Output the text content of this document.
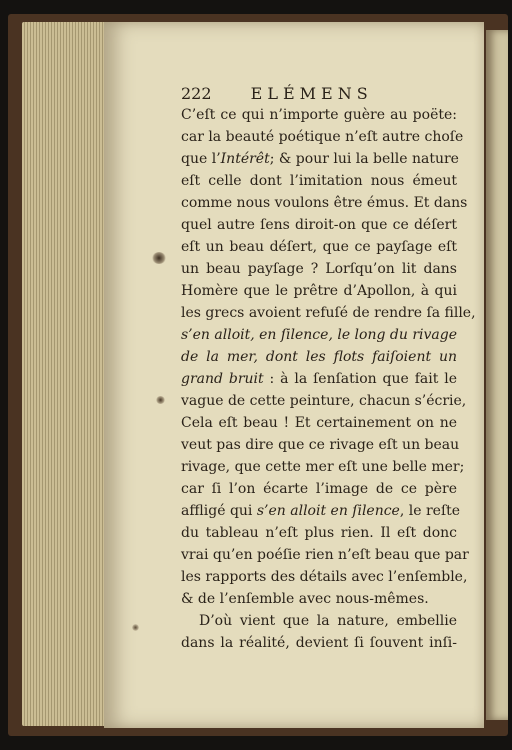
222 ELÉMENS
C’eſt ce qui n’importe guère au poëte:
car la beauté poétique n’eſt autre choſe
que l’Intérêt; & pour lui la belle nature
eſt celle dont l’imitation nous émeut
comme nous voulons être émus. Et dans
quel autre ſens diroit-on que ce déſert
eſt un beau déſert, que ce payſage eſt
un beau payſage ? Lorſqu’on lit dans
Homère que le prêtre d’Apollon, à qui
les grecs avoient refuſé de rendre ſa fille,
s’en alloit, en ſilence, le long du rivage
de la mer, dont les flots faiſoient un
grand bruit : à la ſenſation que fait le
vague de cette peinture, chacun s’écrie,
Cela eſt beau ! Et certainement on ne
veut pas dire que ce rivage eſt un beau
rivage, que cette mer eſt une belle mer;
car ſi l’on écarte l’image de ce père
affligé qui s’en alloit en ſilence, le reſte
du tableau n’eſt plus rien. Il eſt donc
vrai qu’en poéſie rien n’eſt beau que par
les rapports des détails avec l’enſemble,
& de l’enſemble avec nous-mêmes.
D’où vient que la nature, embellie
dans la réalité, devient ſi ſouvent inſi-
